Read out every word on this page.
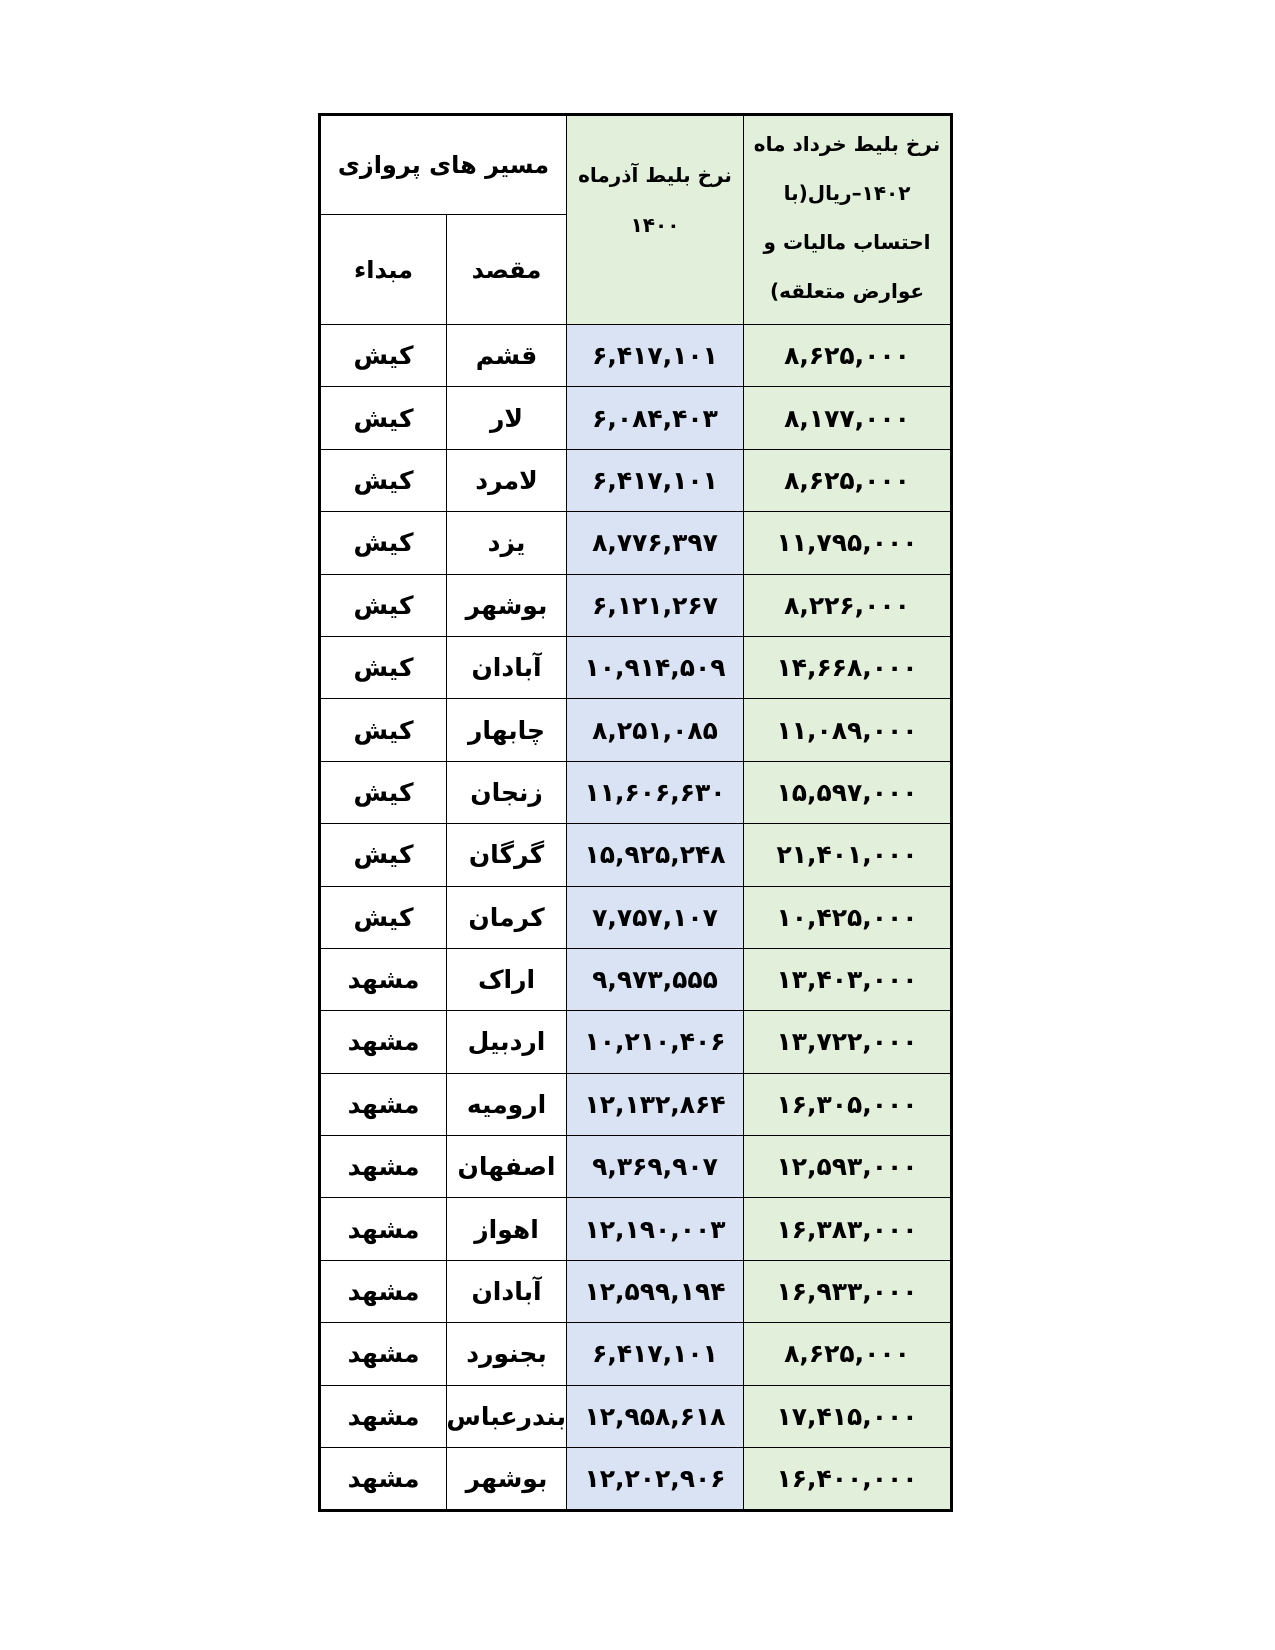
مسیر های پروازی		نرخ بلیط آذرماه ۱۴۰۰	نرخ بلیط خرداد ماه ۱۴۰۲–ریال(با احتساب مالیات و عوارض متعلقه)
مبداء	مقصد		
کیش	قشم	۶,۴۱۷,۱۰۱	۸,۶۲۵,۰۰۰
کیش	لار	۶,۰۸۴,۴۰۳	۸,۱۷۷,۰۰۰
کیش	لامرد	۶,۴۱۷,۱۰۱	۸,۶۲۵,۰۰۰
کیش	یزد	۸,۷۷۶,۳۹۷	۱۱,۷۹۵,۰۰۰
کیش	بوشهر	۶,۱۲۱,۲۶۷	۸,۲۲۶,۰۰۰
کیش	آبادان	۱۰,۹۱۴,۵۰۹	۱۴,۶۶۸,۰۰۰
کیش	چابهار	۸,۲۵۱,۰۸۵	۱۱,۰۸۹,۰۰۰
کیش	زنجان	۱۱,۶۰۶,۶۳۰	۱۵,۵۹۷,۰۰۰
کیش	گرگان	۱۵,۹۲۵,۲۴۸	۲۱,۴۰۱,۰۰۰
کیش	کرمان	۷,۷۵۷,۱۰۷	۱۰,۴۲۵,۰۰۰
مشهد	اراک	۹,۹۷۳,۵۵۵	۱۳,۴۰۳,۰۰۰
مشهد	اردبیل	۱۰,۲۱۰,۴۰۶	۱۳,۷۲۲,۰۰۰
مشهد	ارومیه	۱۲,۱۳۲,۸۶۴	۱۶,۳۰۵,۰۰۰
مشهد	اصفهان	۹,۳۶۹,۹۰۷	۱۲,۵۹۳,۰۰۰
مشهد	اهواز	۱۲,۱۹۰,۰۰۳	۱۶,۳۸۳,۰۰۰
مشهد	آبادان	۱۲,۵۹۹,۱۹۴	۱۶,۹۳۳,۰۰۰
مشهد	بجنورد	۶,۴۱۷,۱۰۱	۸,۶۲۵,۰۰۰
مشهد	بندرعباس	۱۲,۹۵۸,۶۱۸	۱۷,۴۱۵,۰۰۰
مشهد	بوشهر	۱۲,۲۰۲,۹۰۶	۱۶,۴۰۰,۰۰۰
